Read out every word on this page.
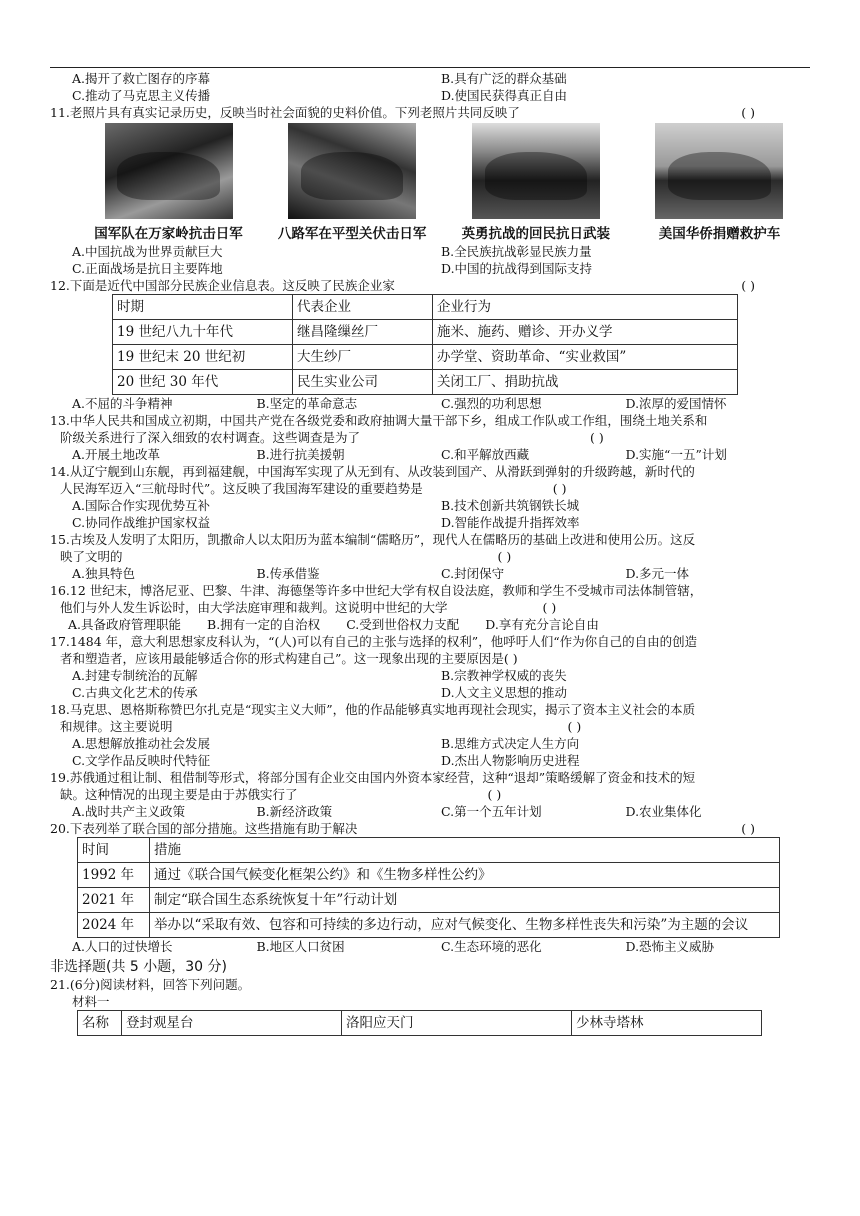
A.揭开了救亡图存的序幕	B.具有广泛的群众基础
C.推动了马克思主义传播	D.使国民获得真正自由
11.老照片具有真实记录历史，反映当时社会面貌的史料价值。下列老照片共同反映了	( )
国军队在万家岭抗击日军	八路军在平型关伏击日军	英勇抗战的回民抗日武装	美国华侨捐赠救护车
A.中国抗战为世界贡献巨大	B.全民族抗战彰显民族力量
C.正面战场是抗日主要阵地	D.中国的抗战得到国际支持
12.下面是近代中国部分民族企业信息表。这反映了民族企业家	( )
时期	代表企业	企业行为
19 世纪八九十年代	继昌隆缫丝厂	施米、施药、赠诊、开办义学
19 世纪末 20 世纪初	大生纱厂	办学堂、资助革命、“实业救国”
20 世纪 30 年代	民生实业公司	关闭工厂、捐助抗战
A.不屈的斗争精神	B.坚定的革命意志	C.强烈的功利思想	D.浓厚的爱国情怀
13.中华人民共和国成立初期，中国共产党在各级党委和政府抽调大量干部下乡，组成工作队或工作组，围绕土地关系和
阶级关系进行了深入细致的农村调查。这些调查是为了	( )
A.开展土地改革	B.进行抗美援朝	C.和平解放西藏	D.实施“一五”计划
14.从辽宁舰到山东舰，再到福建舰，中国海军实现了从无到有、从改装到国产、从滑跃到弹射的升级跨越，新时代的
人民海军迈入“三航母时代”。这反映了我国海军建设的重要趋势是	( )
A.国际合作实现优势互补	B.技术创新共筑钢铁长城
C.协同作战维护国家权益	D.智能作战提升指挥效率
15.古埃及人发明了太阳历，凯撒命人以太阳历为蓝本编制“儒略历”，现代人在儒略历的基础上改进和使用公历。这反
映了文明的	( )
A.独具特色	B.传承借鉴	C.封闭保守	D.多元一体
16.12 世纪末，博洛尼亚、巴黎、牛津、海德堡等许多中世纪大学有权自设法庭，教师和学生不受城市司法体制管辖，
他们与外人发生诉讼时，由大学法庭审理和裁判。这说明中世纪的大学	( )
A.具备政府管理职能 B.拥有一定的自治权 C.受到世俗权力支配 D.享有充分言论自由
17.1484 年，意大利思想家皮科认为，“(人)可以有自己的主张与选择的权利”，他呼吁人们“作为你自己的自由的创造
者和塑造者，应该用最能够适合你的形式构建自己”。这一现象出现的主要原因是( )
A.封建专制统治的瓦解	B.宗教神学权威的丧失
C.古典文化艺术的传承	D.人文主义思想的推动
18.马克思、恩格斯称赞巴尔扎克是“现实主义大师”，他的作品能够真实地再现社会现实，揭示了资本主义社会的本质
和规律。这主要说明	( )
A.思想解放推动社会发展	B.思维方式决定人生方向
C.文学作品反映时代特征	D.杰出人物影响历史进程
19.苏俄通过租让制、租借制等形式，将部分国有企业交由国内外资本家经营，这种“退却”策略缓解了资金和技术的短
缺。这种情况的出现主要是由于苏俄实行了	( )
A.战时共产主义政策	B.新经济政策	C.第一个五年计划	D.农业集体化
20.下表列举了联合国的部分措施。这些措施有助于解决	( )
时间	措施
1992 年	通过《联合国气候变化框架公约》和《生物多样性公约》
2021 年	制定“联合国生态系统恢复十年”行动计划
2024 年	举办以“采取有效、包容和可持续的多边行动，应对气候变化、生物多样性丧失和污染”为主题的会议
A.人口的过快增长	B.地区人口贫困	C.生态环境的恶化	D.恐怖主义威胁
非选择题(共 5 小题，30 分)
21.(6分)阅读材料，回答下列问题。
材料一
名称	登封观星台	洛阳应天门	少林寺塔林
